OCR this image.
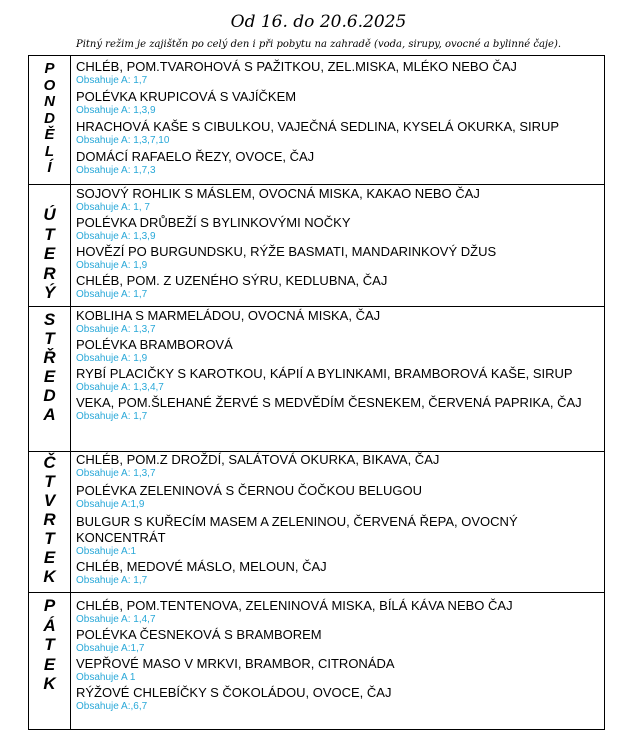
Od 16. do 20.6.2025
Pitný režim je zajištěn po celý den i při pobytu na zahradě (voda, sirupy, ovocné a bylinné čaje).
P
O
N
D
Ě
L
Í
CHLÉB, POM.TVAROHOVÁ S PAŽITKOU, ZEL.MISKA, MLÉKO NEBO ČAJ
Obsahuje A: 1,7
POLÉVKA KRUPICOVÁ S VAJÍČKEM
Obsahuje A: 1,3,9
HRACHOVÁ KAŠE S CIBULKOU, VAJEČNÁ SEDLINA, KYSELÁ OKURKA, SIRUP
Obsahuje A: 1,3,7,10
DOMÁCÍ RAFAELO ŘEZY, OVOCE, ČAJ
Obsahuje A: 1,7,3
Ú
T
E
R
Ý
SOJOVÝ ROHLIK S MÁSLEM, OVOCNÁ MISKA, KAKAO NEBO ČAJ
Obsahuje A: 1, 7
POLÉVKA DRŮBEŽÍ S BYLINKOVÝMI NOČKY
Obsahuje A: 1,3,9
HOVĚZÍ PO BURGUNDSKU, RÝŽE BASMATI, MANDARINKOVÝ DŽUS
Obsahuje A: 1,9
CHLÉB, POM. Z UZENÉHO SÝRU, KEDLUBNA, ČAJ
Obsahuje A: 1,7
S
T
Ř
E
D
A
KOBLIHA S MARMELÁDOU, OVOCNÁ MISKA, ČAJ
Obsahuje A: 1,3,7
POLÉVKA BRAMBOROVÁ
Obsahuje A: 1,9
RYBÍ PLACIČKY S KAROTKOU, KÁPIÍ A BYLINKAMI, BRAMBOROVÁ KAŠE, SIRUP
Obsahuje A: 1,3,4,7
VEKA, POM.ŠLEHANÉ ŽERVÉ S MEDVĚDÍM ČESNEKEM, ČERVENÁ PAPRIKA, ČAJ
Obsahuje A: 1,7
Č
T
V
R
T
E
K
CHLÉB, POM.Z DROŽDÍ, SALÁTOVÁ OKURKA, BIKAVA, ČAJ
Obsahuje A: 1,3,7
POLÉVKA ZELENINOVÁ S ČERNOU ČOČKOU BELUGOU
Obsahuje A:1,9
BULGUR S KUŘECÍM MASEM A ZELENINOU, ČERVENÁ ŘEPA, OVOCNÝ KONCENTRÁT
Obsahuje A:1
CHLÉB, MEDOVÉ MÁSLO, MELOUN, ČAJ
Obsahuje A: 1,7
P
Á
T
E
K
CHLÉB, POM.TENTENOVA, ZELENINOVÁ MISKA, BÍLÁ KÁVA NEBO ČAJ
Obsahuje A: 1,4,7
POLÉVKA ČESNEKOVÁ S BRAMBOREM
Obsahuje A:1,7
VEPŘOVÉ MASO V MRKVI, BRAMBOR, CITRONÁDA
Obsahuje A 1
RÝŽOVÉ CHLEBÍČKY S ČOKOLÁDOU, OVOCE, ČAJ
Obsahuje A:,6,7
